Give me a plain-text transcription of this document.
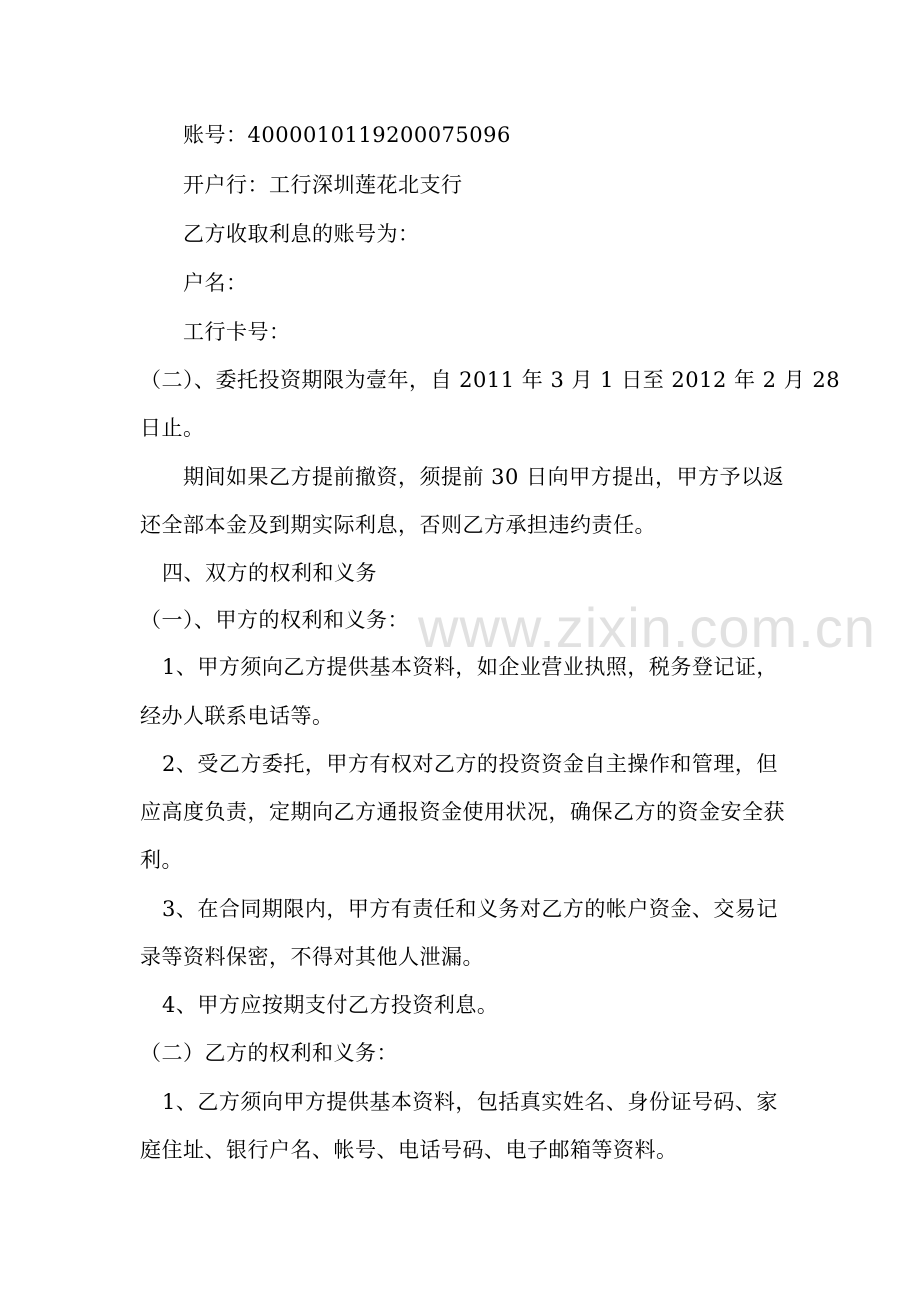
账号：4000010119200075096
开户行：工行深圳莲花北支行
乙方收取利息的账号为：
户名：
工行卡号：
（二）、委托投资期限为壹年，自 2011 年 3 月 1 日至 2012 年 2 月 28
日止。
期间如果乙方提前撤资，须提前 30 日向甲方提出，甲方予以返
还全部本金及到期实际利息，否则乙方承担违约责任。
四、双方的权利和义务
（一）、甲方的权利和义务：
1、甲方须向乙方提供基本资料，如企业营业执照，税务登记证，
经办人联系电话等。
2、受乙方委托，甲方有权对乙方的投资资金自主操作和管理，但
应高度负责，定期向乙方通报资金使用状况，确保乙方的资金安全获
利。
3、在合同期限内，甲方有责任和义务对乙方的帐户资金、交易记
录等资料保密，不得对其他人泄漏。
4、甲方应按期支付乙方投资利息。
（二）乙方的权利和义务：
1、乙方须向甲方提供基本资料，包括真实姓名、身份证号码、家
庭住址、银行户名、帐号、电话号码、电子邮箱等资料。
www.zixin.com.cn
